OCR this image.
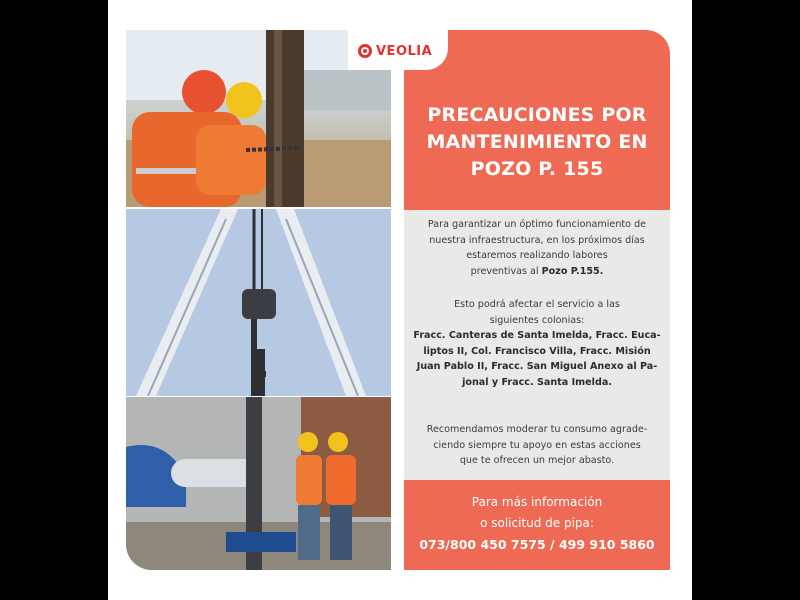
PRECAUCIONES POR
MANTENIMIENTO EN
POZO P. 155
VEOLIA
Para garantizar un óptimo funcionamiento de
nuestra infraestructura, en los próximos días
estaremos realizando labores
preventivas al Pozo P.155.
Esto podrá afectar el servicio a las
siguientes colonias:
Fracc. Canteras de Santa Imelda, Fracc. Euca-
liptos II, Col. Francisco Villa, Fracc. Misión
Juan Pablo II, Fracc. San Miguel Anexo al Pa-
jonal y Fracc. Santa Imelda.
Recomendamos moderar tu consumo agrade-
ciendo siempre tu apoyo en estas acciones
que te ofrecen un mejor abasto.
Para más información
o solicitud de pipa:
073/800 450 7575 / 499 910 5860
